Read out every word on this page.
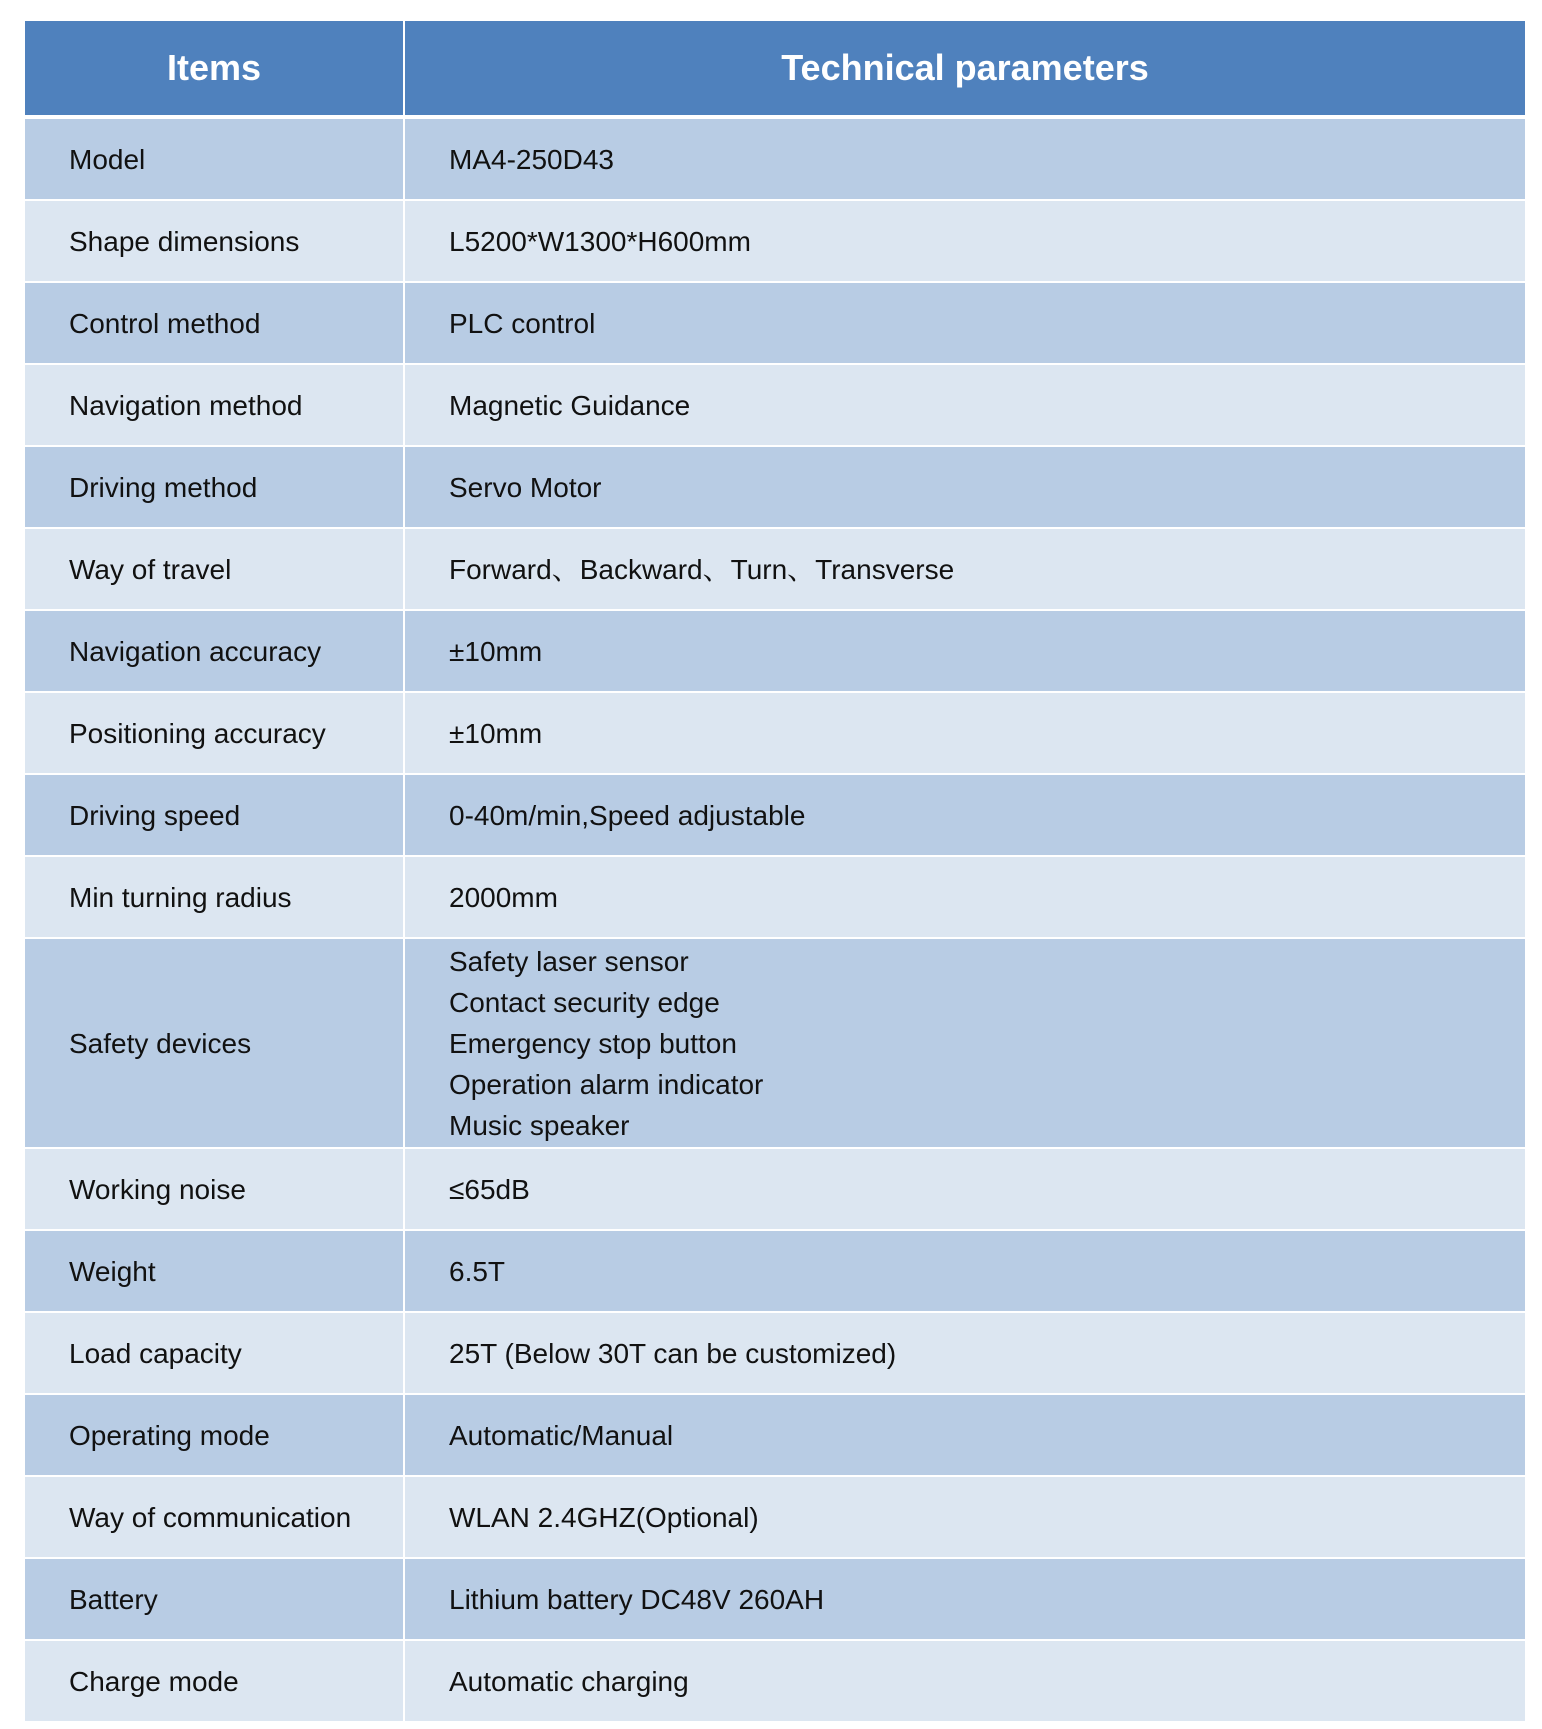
Items	Technical parameters
Model	MA4-250D43
Shape dimensions	L5200*W1300*H600mm
Control method	PLC control
Navigation method	Magnetic Guidance
Driving method	Servo Motor
Way of travel	Forward、Backward、Turn、Transverse
Navigation accuracy	±10mm
Positioning accuracy	±10mm
Driving speed	0-40m/min,Speed adjustable
Min turning radius	2000mm
Safety devices	Safety laser sensor
Contact security edge
Emergency stop button
Operation alarm indicator
Music speaker

Working noise	≤65dB
Weight	6.5T
Load capacity	25T (Below 30T can be customized)
Operating mode	Automatic/Manual
Way of communication	WLAN 2.4GHZ(Optional)
Battery	Lithium battery DC48V 260AH
Charge mode	Automatic charging
